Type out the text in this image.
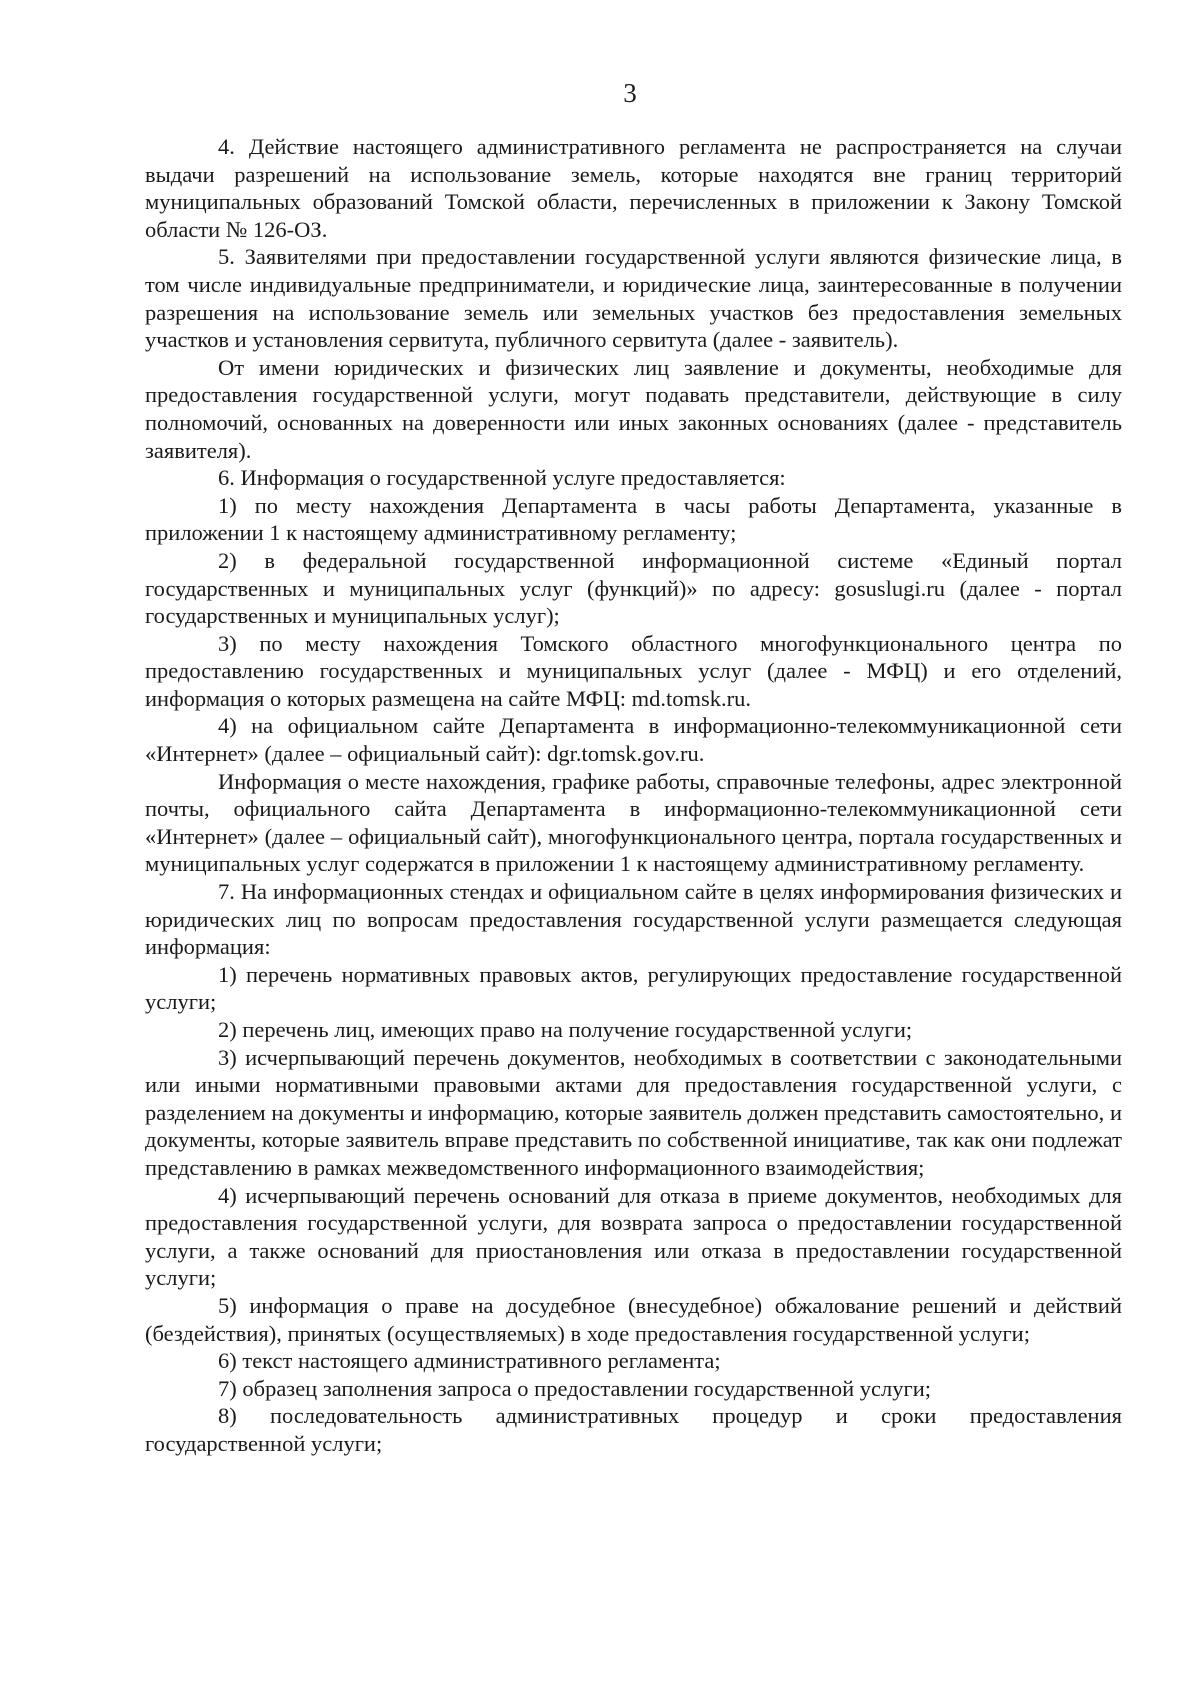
3

4. Действие настоящего административного регламента не распространяется на случаи выдачи разрешений на использование земель, которые находятся вне границ территорий муниципальных образований Томской области, перечисленных в приложении к Закону Томской области № 126-ОЗ.

5. Заявителями при предоставлении государственной услуги являются физические лица, в том числе индивидуальные предприниматели, и юридические лица, заинтересованные в получении разрешения на использование земель или земельных участков без предоставления земельных участков и установления сервитута, публичного сервитута (далее - заявитель).

От имени юридических и физических лиц заявление и документы, необходимые для предоставления государственной услуги, могут подавать представители, действующие в силу полномочий, основанных на доверенности или иных законных основаниях (далее - представитель заявителя).

6. Информация о государственной услуге предоставляется:

1) по месту нахождения Департамента в часы работы Департамента, указанные в приложении 1 к настоящему административному регламенту;

2) в федеральной государственной информационной системе «Единый портал государственных и муниципальных услуг (функций)» по адресу: gosuslugi.ru (далее - портал государственных и муниципальных услуг);

3) по месту нахождения Томского областного многофункционального центра по предоставлению государственных и муниципальных услуг (далее - МФЦ) и его отделений, информация о которых размещена на сайте МФЦ: md.tomsk.ru.

4) на официальном сайте Департамента в информационно-телекоммуникационной сети «Интернет» (далее – официальный сайт): dgr.tomsk.gov.ru.

Информация о месте нахождения, графике работы, справочные телефоны, адрес электронной почты, официального сайта Департамента в информационно-телекоммуникационной сети «Интернет» (далее – официальный сайт), многофункционального центра, портала государственных и муниципальных услуг содержатся в приложении 1 к настоящему административному регламенту.

7. На информационных стендах и официальном сайте в целях информирования физических и юридических лиц по вопросам предоставления государственной услуги размещается следующая информация:

1) перечень нормативных правовых актов, регулирующих предоставление государственной услуги;

2) перечень лиц, имеющих право на получение государственной услуги;

3) исчерпывающий перечень документов, необходимых в соответствии с законодательными или иными нормативными правовыми актами для предоставления государственной услуги, с разделением на документы и информацию, которые заявитель должен представить самостоятельно, и документы, которые заявитель вправе представить по собственной инициативе, так как они подлежат представлению в рамках межведомственного информационного взаимодействия;

4) исчерпывающий перечень оснований для отказа в приеме документов, необходимых для предоставления государственной услуги, для возврата запроса о предоставлении государственной услуги, а также оснований для приостановления или отказа в предоставлении государственной услуги;

5) информация о праве на досудебное (внесудебное) обжалование решений и действий (бездействия), принятых (осуществляемых) в ходе предоставления государственной услуги;

6) текст настоящего административного регламента;

7) образец заполнения запроса о предоставлении государственной услуги;

8) последовательность административных процедур и сроки предоставления государственной услуги;
